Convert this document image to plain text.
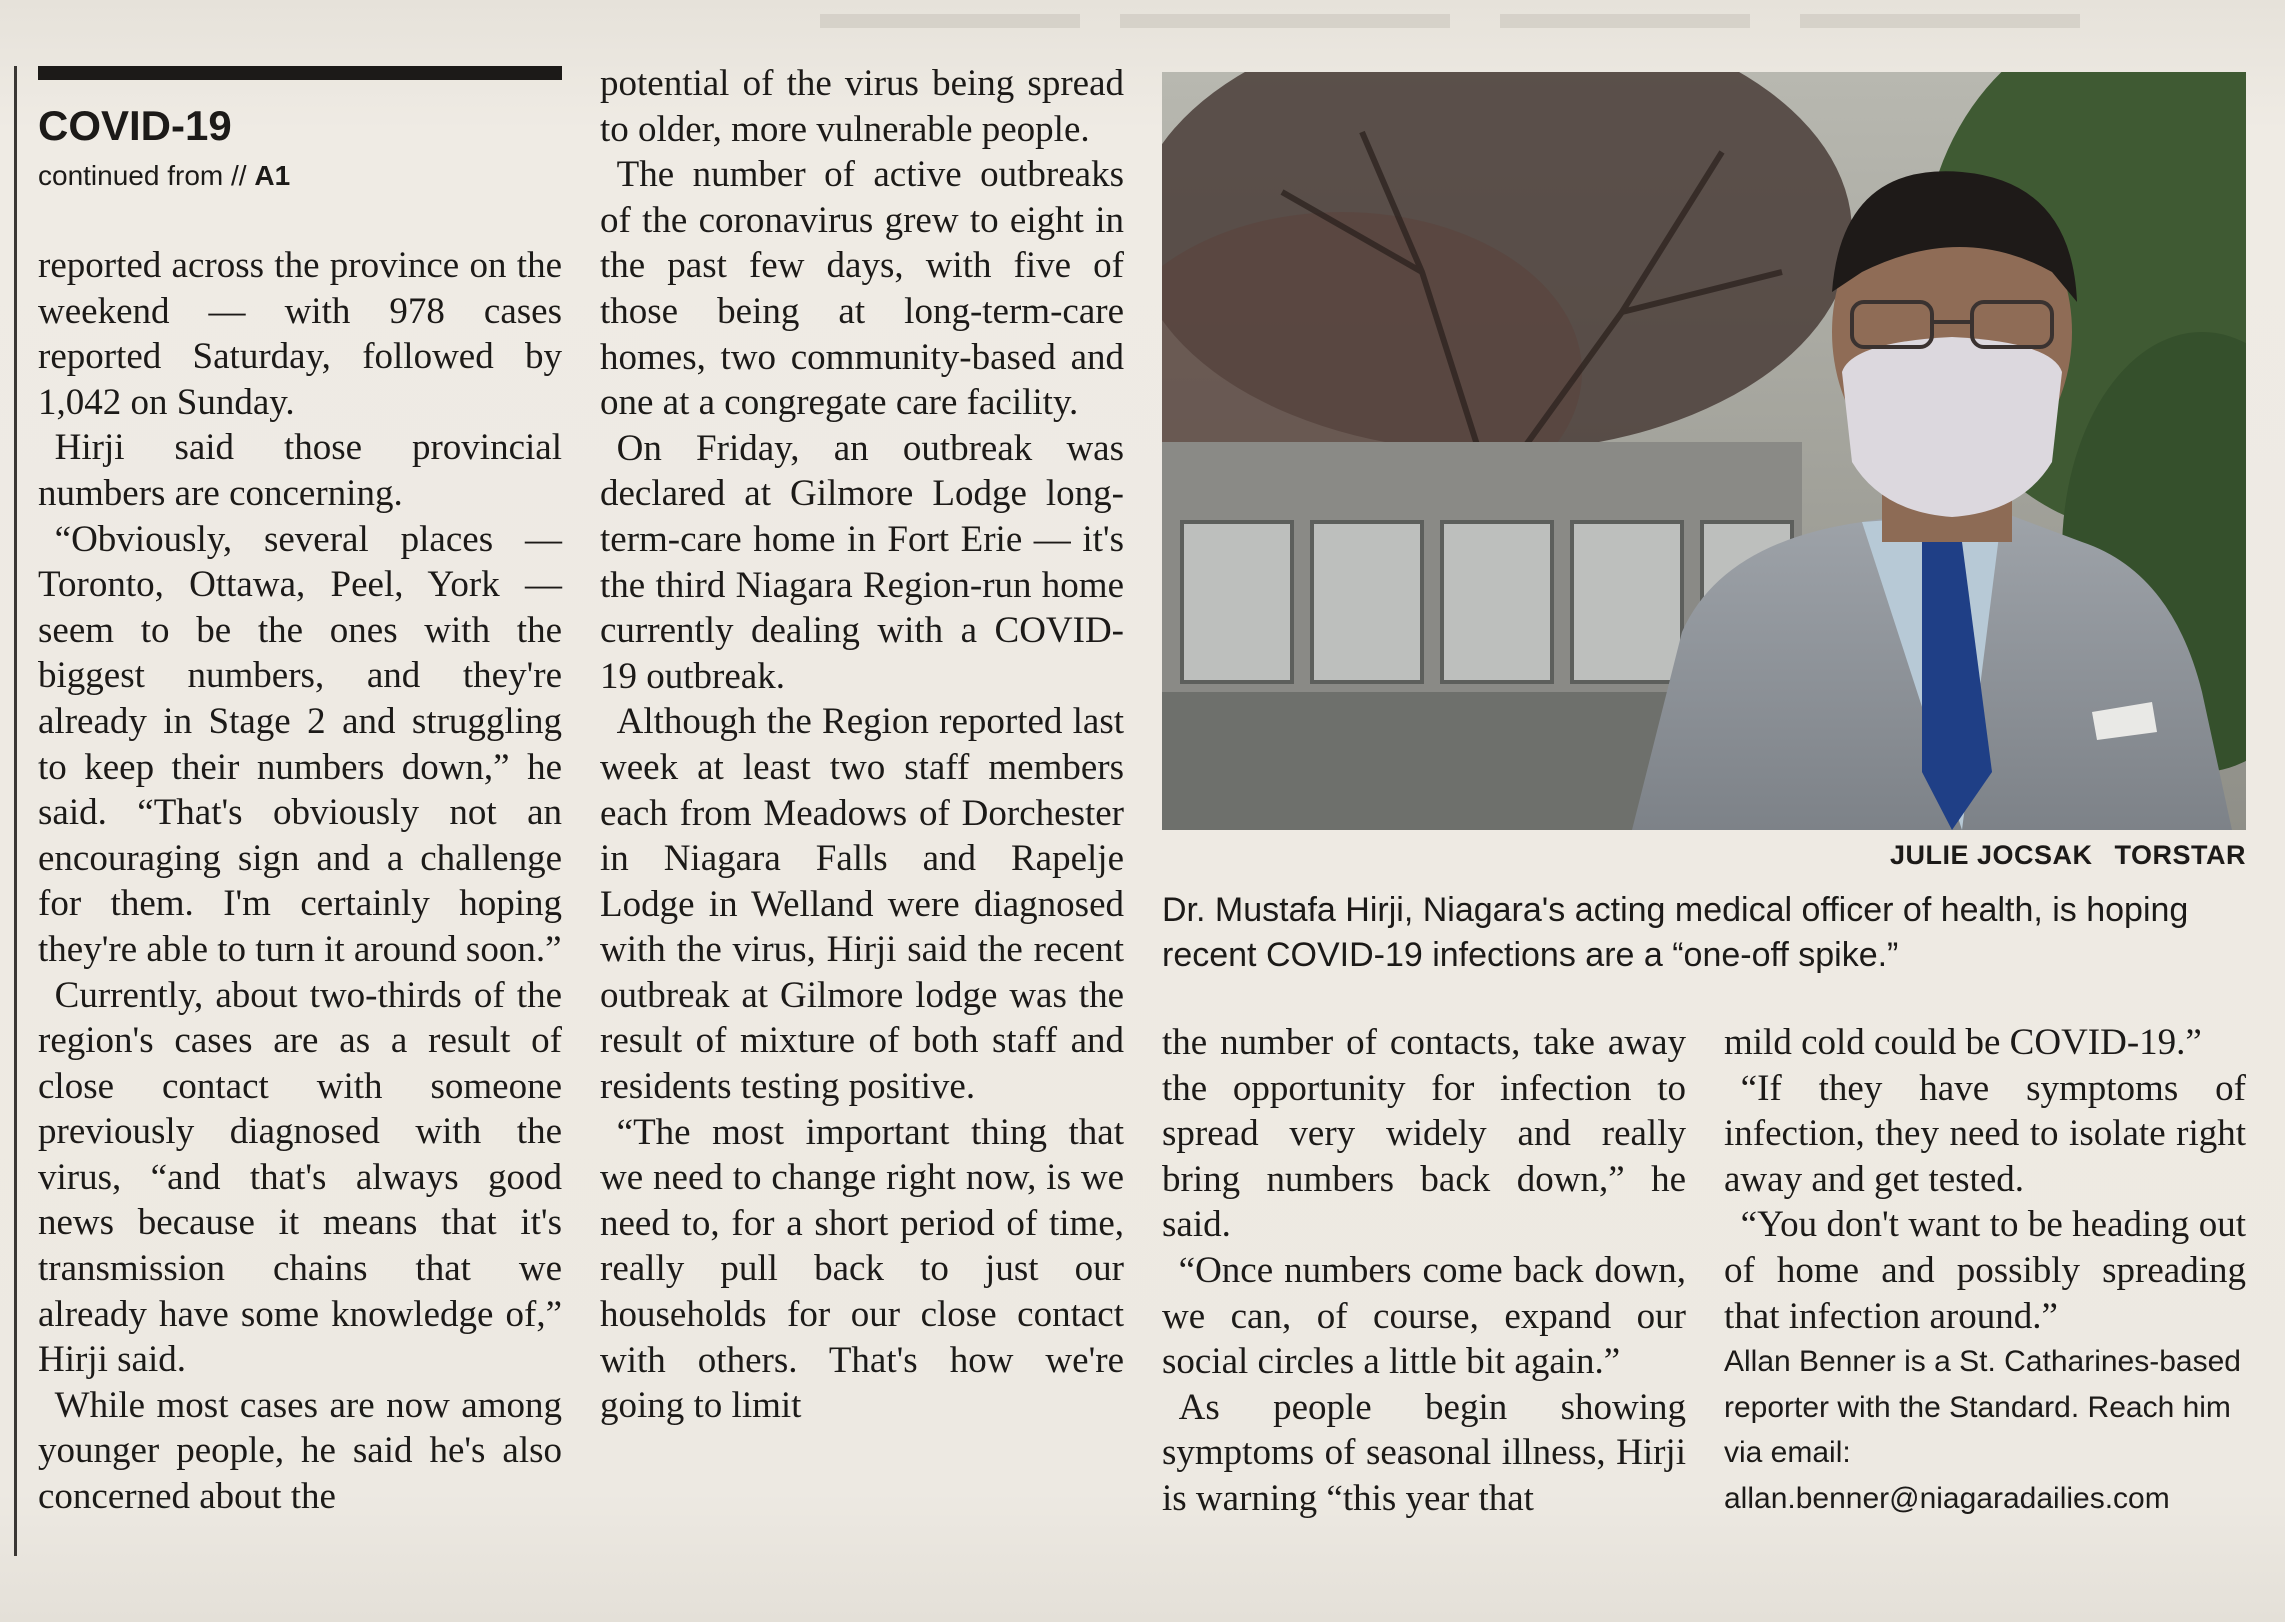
COVID-19
continued from // A1

reported across the province on the weekend — with 978 cases reported Saturday, followed by 1,042 on Sunday.

Hirji said those provincial numbers are concerning.

“Obviously, several places — Toronto, Ottawa, Peel, York — seem to be the ones with the biggest numbers, and they're already in Stage 2 and struggling to keep their numbers down,” he said. “That's obviously not an encouraging sign and a challenge for them. I'm certainly hoping they're able to turn it around soon.”

Currently, about two-thirds of the region's cases are as a result of close contact with someone previously diagnosed with the virus, “and that's always good news because it means that it's transmission chains that we already have some knowledge of,” Hirji said.

While most cases are now among younger people, he said he's also concerned about the

potential of the virus being spread to older, more vulnerable people.

The number of active outbreaks of the coronavirus grew to eight in the past few days, with five of those being at long-term-care homes, two community-based and one at a congregate care facility.

On Friday, an outbreak was declared at Gilmore Lodge long-term-care home in Fort Erie — it's the third Niagara Region-run home currently dealing with a COVID-19 outbreak.

Although the Region reported last week at least two staff members each from Meadows of Dorchester in Niagara Falls and Rapelje Lodge in Welland were diagnosed with the virus, Hirji said the recent outbreak at Gilmore lodge was the result of mixture of both staff and residents testing positive.

“The most important thing that we need to change right now, is we need to, for a short period of time, really pull back to just our households for our close contact with others. That's how we're going to limit

JULIE JOCSAK TORSTAR
Dr. Mustafa Hirji, Niagara's acting medical officer of health, is hoping recent COVID-19 infections are a “one-off spike.”

the number of contacts, take away the opportunity for infection to spread very widely and really bring numbers back down,” he said.

“Once numbers come back down, we can, of course, expand our social circles a little bit again.”

As people begin showing symptoms of seasonal illness, Hirji is warning “this year that

mild cold could be COVID-19.”

“If they have symptoms of infection, they need to isolate right away and get tested.

“You don't want to be heading out of home and possibly spreading that infection around.”

Allan Benner is a St. Catharines-based reporter with the Standard. Reach him via email: allan.benner@niagaradailies.com
